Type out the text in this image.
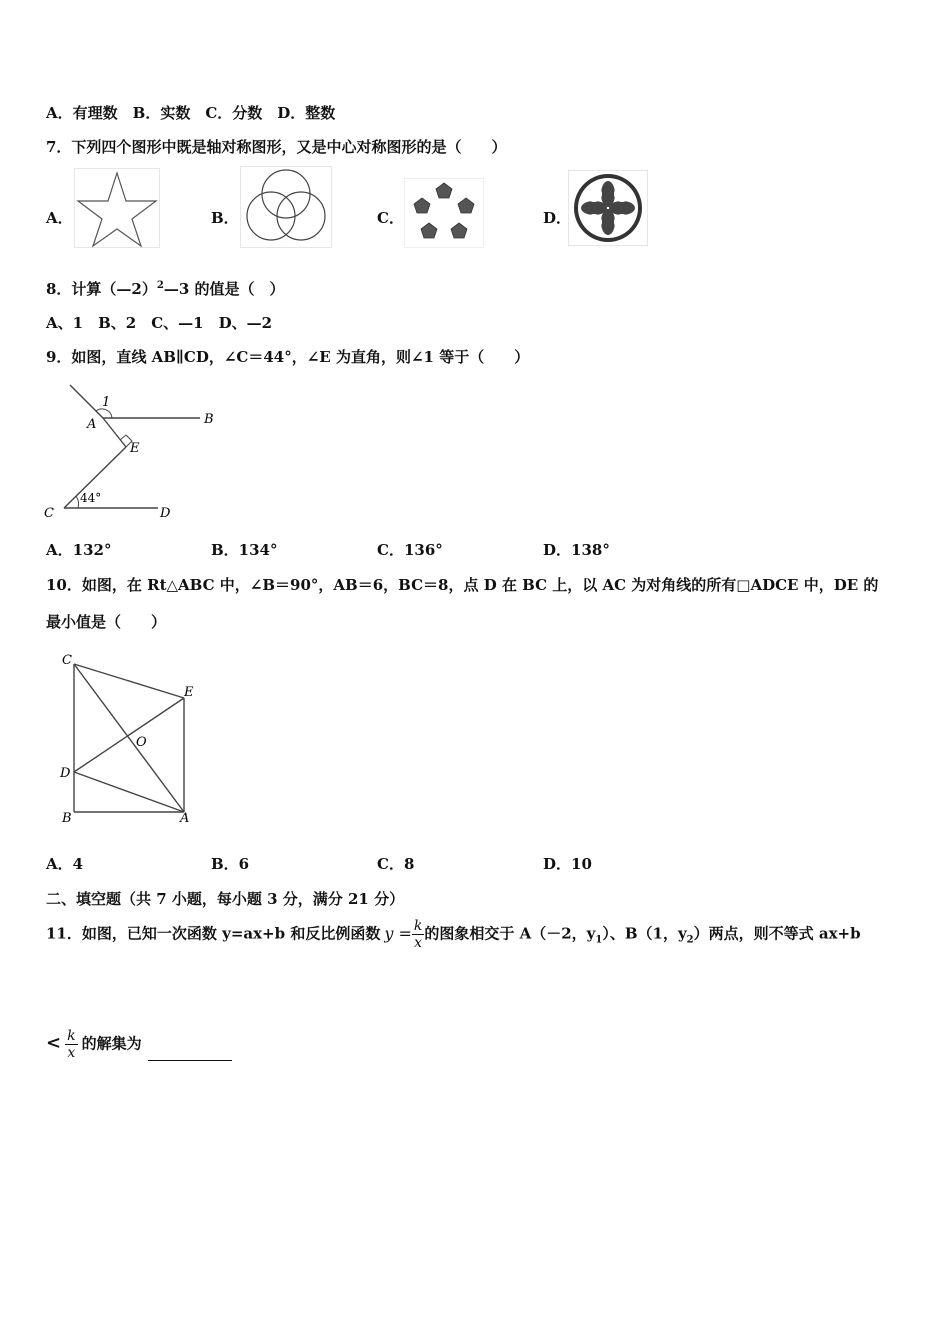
A．有理数　B．实数　C．分数　D．整数
7．下列四个图形中既是轴对称图形，又是中心对称图形的是（　　）
A．	B．	C．	D．
8．计算（—2）$^2$—3 的值是（　）
A、1　B、2　C、—1　D、—2
9．如图，直线 AB∥CD，∠C＝44°，∠E 为直角，则∠1 等于（　　）
1
A	B
E
C	D
44°
A．132°	B．134°	C．136°	D．138°
10．如图，在 Rt△ABC 中，∠B＝90°，AB＝6，BC＝8，点 D 在 BC 上，以 AC 为对角线的所有□ADCE 中，DE 的
最小值是（　　）
C
E
O
D
B	A
A．4	B．6	C．8	D．10
二、填空题（共 7 小题，每小题 3 分，满分 21 分）
11．如图，已知一次函数 y=ax+b 和反比例函数 $y = \frac{k}{x}$ 的图象相交于 A（－2，$y_1$）、B（1，$y_2$）两点，则不等式 ax+b
< $\frac{k}{x}$ 的解集为
